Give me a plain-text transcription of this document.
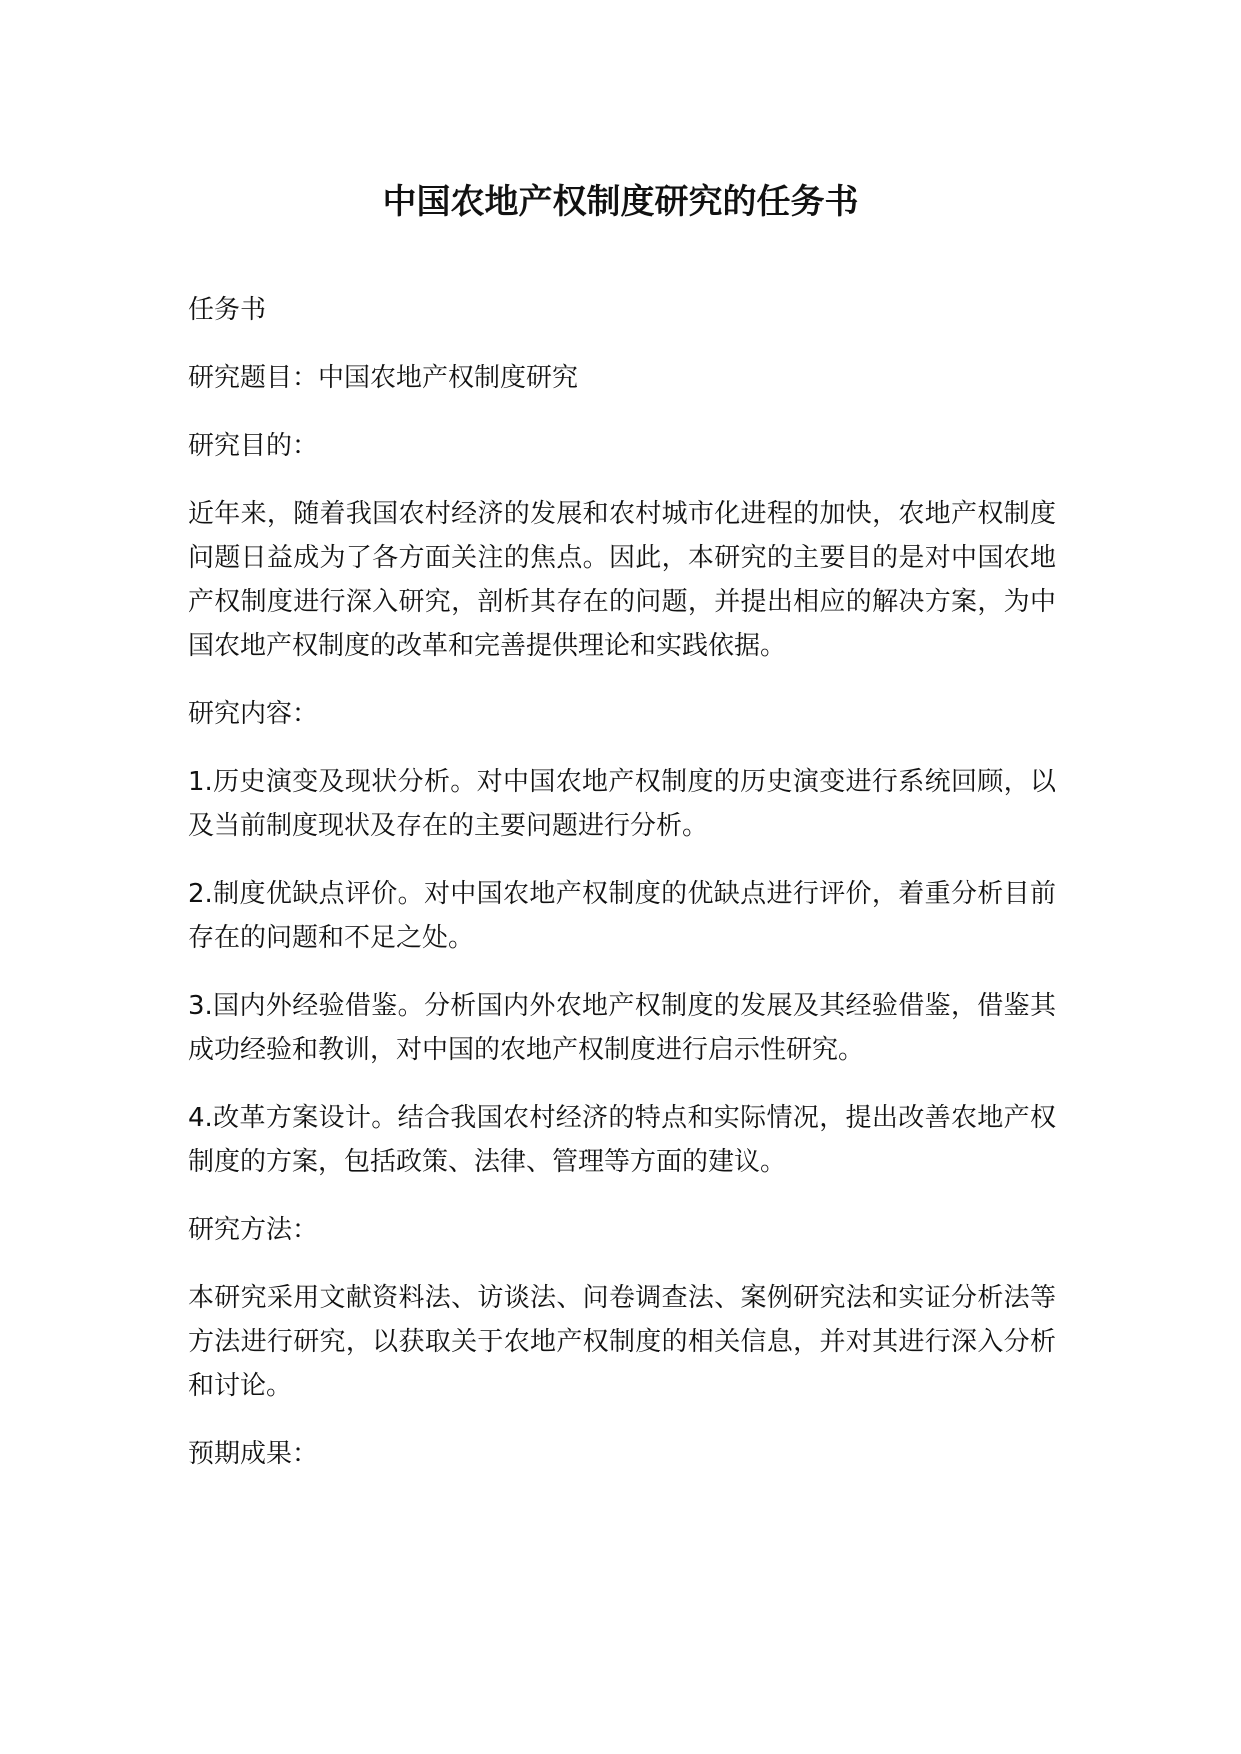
中国农地产权制度研究的任务书

任务书

研究题目：中国农地产权制度研究

研究目的：

近年来，随着我国农村经济的发展和农村城市化进程的加快，农地产权制度问题日益成为了各方面关注的焦点。因此，本研究的主要目的是对中国农地产权制度进行深入研究，剖析其存在的问题，并提出相应的解决方案，为中国农地产权制度的改革和完善提供理论和实践依据。

研究内容：

1.历史演变及现状分析。对中国农地产权制度的历史演变进行系统回顾，以及当前制度现状及存在的主要问题进行分析。

2.制度优缺点评价。对中国农地产权制度的优缺点进行评价，着重分析目前存在的问题和不足之处。

3.国内外经验借鉴。分析国内外农地产权制度的发展及其经验借鉴，借鉴其成功经验和教训，对中国的农地产权制度进行启示性研究。

4.改革方案设计。结合我国农村经济的特点和实际情况，提出改善农地产权制度的方案，包括政策、法律、管理等方面的建议。

研究方法：

本研究采用文献资料法、访谈法、问卷调查法、案例研究法和实证分析法等方法进行研究，以获取关于农地产权制度的相关信息，并对其进行深入分析和讨论。

预期成果：
